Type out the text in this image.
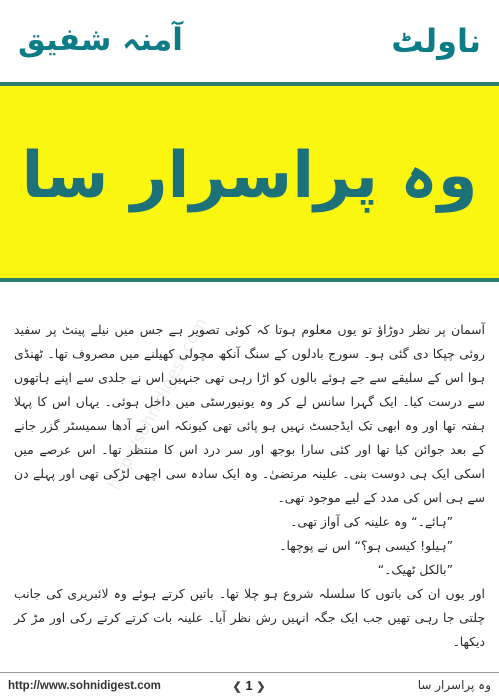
آمنہ شفیق	ناولٹ
وہ پراسرار سا
http://sohnidigest.com

آسمان پر نظر دوڑاؤ تو یوں معلوم ہوتا کہ کوئی تصویر ہے جس میں نیلے پینٹ پر سفید روئی چپکا دی گئی ہو۔ سورج بادلوں کے سنگ آنکھ مچولی کھیلنے میں مصروف تھا۔ ٹھنڈی ہوا اس کے سلیقے سے جے ہوئے بالوں کو اڑا رہی تھی جنہیں اس نے جلدی سے اپنے ہاتھوں سے درست کیا۔ ایک گہرا سانس لے کر وہ یونیورسٹی میں داخل ہوئی۔ یہاں اس کا پہلا ہفتہ تھا اور وہ ابھی تک ایڈجسٹ نہیں ہو پائی تھی کیونکہ اس نے آدھا سمیسٹر گزر جانے کے بعد جوائن کیا تھا اور کئی سارا بوجھ اور سر درد اس کا منتظر تھا۔ اس عرصے میں اسکی ایک ہی دوست بنی۔ علینہ مرتضیٰ۔ وہ ایک سادہ سی اچھی لڑکی تھی اور پہلے دن سے ہی اس کی مدد کے لیے موجود تھی۔

”ہائے۔“ وہ علینہ کی آواز تھی۔

”ہیلو! کیسی ہو؟“ اس نے پوچھا۔

”بالکل ٹھیک۔“

اور یوں ان کی باتوں کا سلسلہ شروع ہو چلا تھا۔ باتیں کرتے ہوئے وہ لائبریری کی جانب چلتی جا رہی تھیں جب ایک جگہ انہیں رش نظر آیا۔ علینہ بات کرتے کرتے رکی اور مڑ کر دیکھا۔

http://www.sohnidigest.com	❮ 1 ❯	وہ پراسرار سا
